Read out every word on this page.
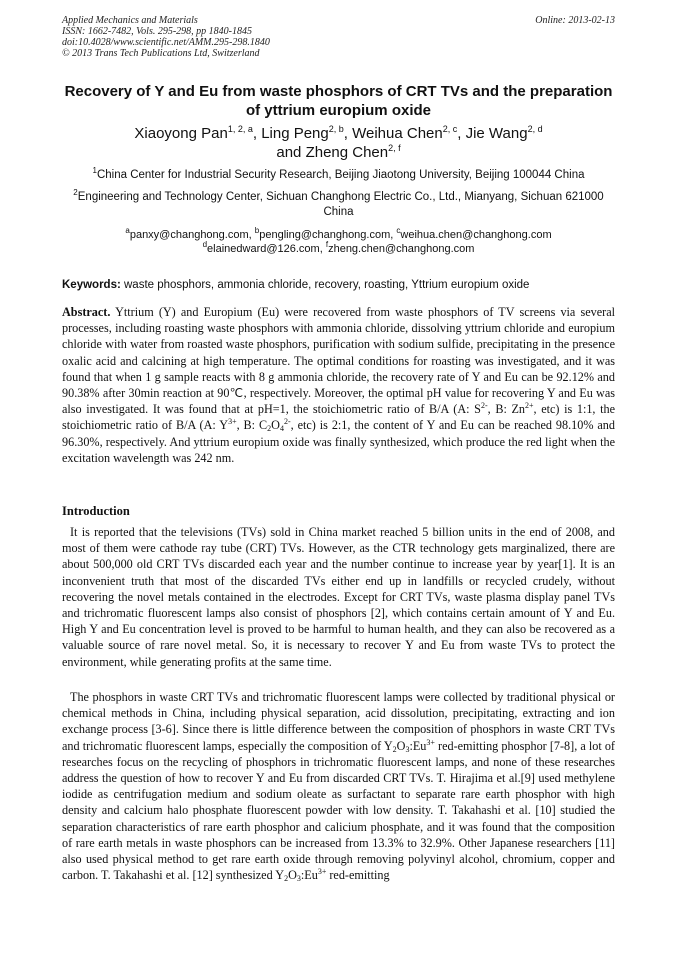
Applied Mechanics and Materials
ISSN: 1662-7482, Vols. 295-298, pp 1840-1845
doi:10.4028/www.scientific.net/AMM.295-298.1840
© 2013 Trans Tech Publications Ltd, Switzerland
Online: 2013-02-13
Recovery of Y and Eu from waste phosphors of CRT TVs and the preparation of yttrium europium oxide
Xiaoyong Pan$^{1, 2, a}$, Ling Peng$^{2, b}$, Weihua Chen$^{2, c}$, Jie Wang$^{2, d}$
and Zheng Chen$^{2, f}$
$^1$China Center for Industrial Security Research, Beijing Jiaotong University, Beijing 100044 China
$^2$Engineering and Technology Center, Sichuan Changhong Electric Co., Ltd., Mianyang, Sichuan 621000 China
$^a$panxy@changhong.com, $^b$pengling@changhong.com, $^c$weihua.chen@changhong.com
$^d$elainedward@126.com, $^f$zheng.chen@changhong.com
Keywords: waste phosphors, ammonia chloride, recovery, roasting, Yttrium europium oxide
Abstract. Yttrium (Y) and Europium (Eu) were recovered from waste phosphors of TV screens via several processes, including roasting waste phosphors with ammonia chloride, dissolving yttrium chloride and europium chloride with water from roasted waste phosphors, purification with sodium sulfide, precipitating in the presence oxalic acid and calcining at high temperature. The optimal conditions for roasting was investigated, and it was found that when 1 g sample reacts with 8 g ammonia chloride, the recovery rate of Y and Eu can be 92.12% and 90.38% after 30min reaction at 90℃, respectively. Moreover, the optimal pH value for recovering Y and Eu was also investigated. It was found that at pH=1, the stoichiometric ratio of B/A (A: $S^{2-}$, B: $Zn^{2+}$, etc) is 1:1, the stoichiometric ratio of B/A (A: $Y^{3+}$, B: $C_2O_4^{2-}$, etc) is 2:1, the content of Y and Eu can be reached 98.10% and 96.30%, respectively. And yttrium europium oxide was finally synthesized, which produce the red light when the excitation wavelength was 242 nm.
Introduction
It is reported that the televisions (TVs) sold in China market reached 5 billion units in the end of 2008, and most of them were cathode ray tube (CRT) TVs. However, as the CTR technology gets marginalized, there are about 500,000 old CRT TVs discarded each year and the number continue to increase year by year[1]. It is an inconvenient truth that most of the discarded TVs either end up in landfills or recycled crudely, without recovering the novel metals contained in the electrodes. Except for CRT TVs, waste plasma display panel TVs and trichromatic fluorescent lamps also consist of phosphors [2], which contains certain amount of Y and Eu. High Y and Eu concentration level is proved to be harmful to human health, and they can also be recovered as a valuable source of rare novel metal. So, it is necessary to recover Y and Eu from waste TVs to protect the environment, while generating profits at the same time.
The phosphors in waste CRT TVs and trichromatic fluorescent lamps were collected by traditional physical or chemical methods in China, including physical separation, acid dissolution, precipitating, extracting and ion exchange process [3-6]. Since there is little difference between the composition of phosphors in waste CRT TVs and trichromatic fluorescent lamps, especially the composition of $Y_2O_3:Eu^{3+}$ red-emitting phosphor [7-8], a lot of researches focus on the recycling of phosphors in trichromatic fluorescent lamps, and none of these researches address the question of how to recover Y and Eu from discarded CRT TVs. T. Hirajima et al.[9] used methylene iodide as centrifugation medium and sodium oleate as surfactant to separate rare earth phosphor with high density and calcium halo phosphate fluorescent powder with low density. T. Takahashi et al. [10] studied the separation characteristics of rare earth phosphor and calicium phosphate, and it was found that the composition of rare earth metals in waste phosphors can be increased from 13.3% to 32.9%. Other Japanese researchers [11] also used physical method to get rare earth oxide through removing polyvinyl alcohol, chromium, copper and carbon. T. Takahashi et al. [12] synthesized $Y_2O_3:Eu^{3+}$ red-emitting
